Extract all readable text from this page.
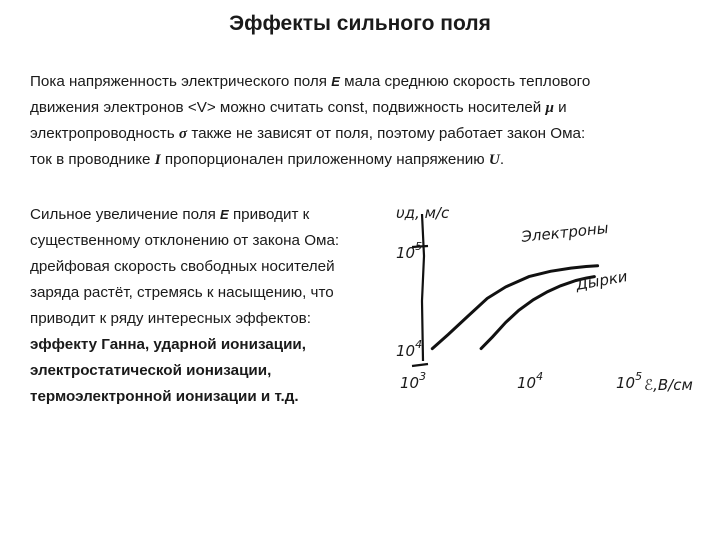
Эффекты сильного поля
Пока напряженность электрического поля E мала среднюю скорость теплового
движения электронов <V> можно считать const, подвижность носителей μ и
электропроводность σ также не зависят от поля, поэтому работает закон Ома:
ток в проводнике I пропорционален приложенному напряжению U.
Сильное увеличение поля E приводит к
существенному отклонению от закона Ома:
дрейфовая скорость свободных носителей
заряда растёт, стремясь к насыщению, что
приводит к ряду интересных эффектов:
эффекту Ганна, ударной ионизации,
электростатической ионизации,
термоэлектронной ионизации и т.д.
υд, м/с
$10^4$
$10^5$
$10^3$	$10^4$	$10^5$ ℰ,В/см
Электроны
Дырки
